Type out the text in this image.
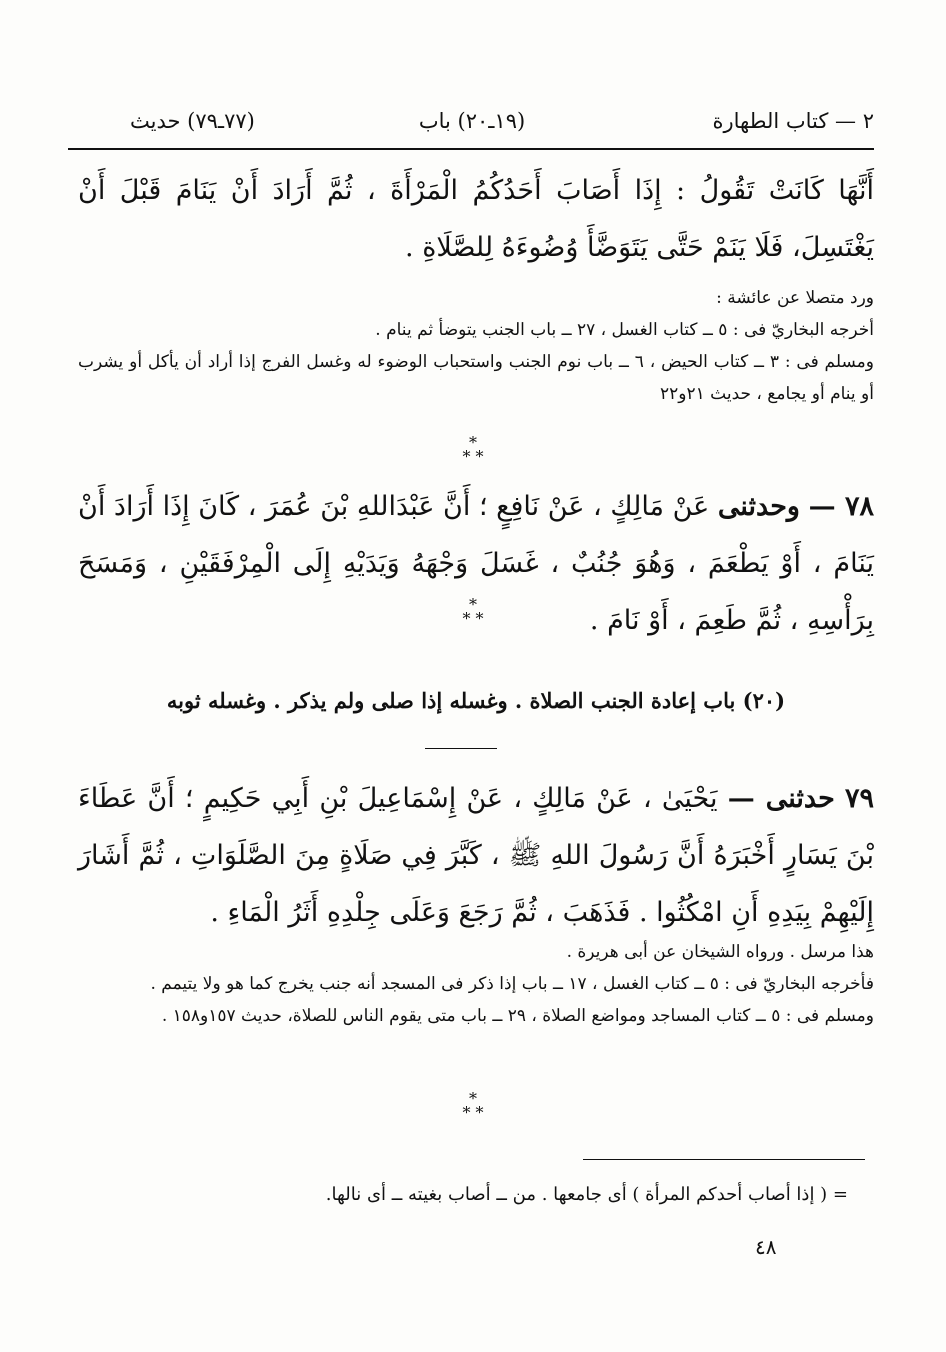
٢ — كتاب الطهارة
(١٩ـ٢٠) باب
(٧٧ـ٧٩) حديث
أَنَّهَا كَانَتْ تَقُولُ : إِذَا أَصَابَ أَحَدُكُمُ الْمَرْأَةَ ، ثُمَّ أَرَادَ أَنْ يَنَامَ قَبْلَ أَنْ يَغْتَسِلَ، فَلَا يَنَمْ حَتَّى يَتَوَضَّأَ وُضُوءَهُ لِلصَّلَاةِ .
ورد متصلا عن عائشة :
أخرجه البخاريّ فى : ٥ ــ كتاب الغسل ، ٢٧ ــ باب الجنب يتوضأ ثم ينام .
ومسلم فى : ٣ ــ كتاب الحيض ، ٦ ــ باب نوم الجنب واستحباب الوضوء له وغسل الفرج إذا أراد أن يأكل أو يشرب أو ينام أو يجامع ، حديث ٢١و٢٢
*
* *
٧٨ — وحدثنى عَنْ مَالِكٍ ، عَنْ نَافِعٍ ؛ أَنَّ عَبْدَاللهِ بْنَ عُمَرَ ، كَانَ إِذَا أَرَادَ أَنْ يَنَامَ ، أَوْ يَطْعَمَ ، وَهُوَ جُنُبٌ ، غَسَلَ وَجْهَهُ وَيَدَيْهِ إِلَى الْمِرْفَقَيْنِ ، وَمَسَحَ بِرَأْسِهِ ، ثُمَّ طَعِمَ ، أَوْ نَامَ .
*
* *
(٢٠) باب إعادة الجنب الصلاة . وغسله إذا صلى ولم يذكر . وغسله ثوبه
٧٩ حدثنى — يَحْيَىٰ ، عَنْ مَالِكٍ ، عَنْ إِسْمَاعِيلَ بْنِ أَبِي حَكِيمٍ ؛ أَنَّ عَطَاءَ بْنَ يَسَارٍ أَخْبَرَهُ أَنَّ رَسُولَ اللهِ ﷺ ، كَبَّرَ فِي صَلَاةٍ مِنَ الصَّلَوَاتِ ، ثُمَّ أَشَارَ إِلَيْهِمْ بِيَدِهِ أَنِ امْكُثُوا . فَذَهَبَ ، ثُمَّ رَجَعَ وَعَلَى جِلْدِهِ أَثَرُ الْمَاءِ .
هذا مرسل . ورواه الشيخان عن أبى هريرة .
فأخرجه البخاريّ فى : ٥ ــ كتاب الغسل ، ١٧ ــ باب إذا ذكر فى المسجد أنه جنب يخرج كما هو ولا يتيمم .
ومسلم فى : ٥ ــ كتاب المساجد ومواضع الصلاة ، ٢٩ ــ باب متى يقوم الناس للصلاة، حديث ١٥٧و١٥٨ .
*
* *
= ( إذا أصاب أحدكم المرأة ) أى جامعها . من ــ أصاب بغيته ــ أى نالها.
٤٨
